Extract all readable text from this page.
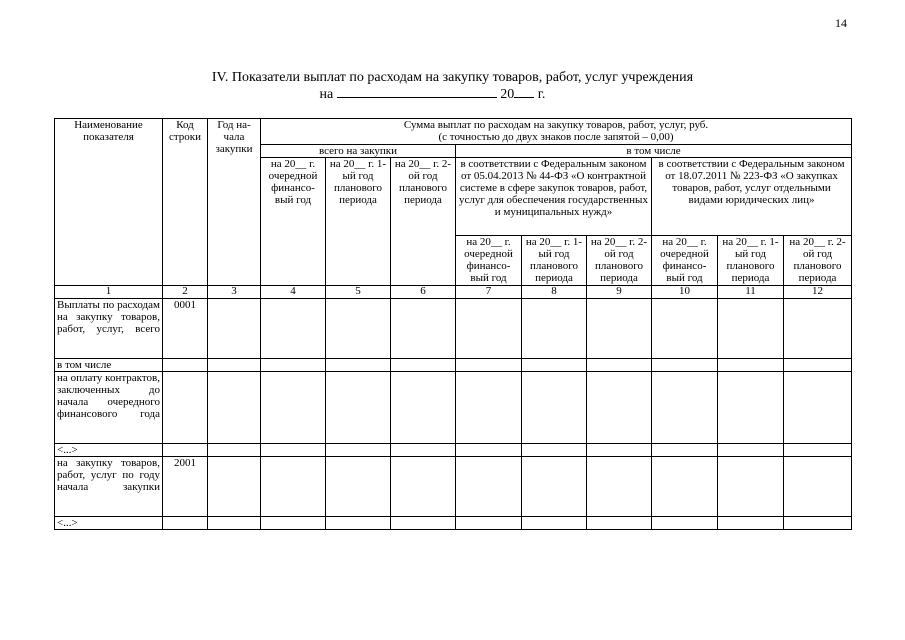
14
IV. Показатели выплат по расходам на закупку товаров, работ, услуг учреждения
на	20 г.
Наименование показателя	Код строки	Год на-чала закупки	Сумма выплат по расходам на закупку товаров, работ, услуг, руб.
(с точностью до двух знаков после запятой – 0,00)								

			всего на закупки			в том числе					
			на 20__ г. очередной финансо-вый год	на 20__ г. 1-ый год планового периода	на 20__ г. 2-ой год планового периода	в соответствии с Федеральным законом от 05.04.2013 № 44-ФЗ «О контрактной системе в сфере закупок товаров, работ, услуг для обеспечения государственных и муниципальных нужд»			в соответствии с Федеральным законом от 18.07.2011 № 223-ФЗ «О закупках товаров, работ, услуг отдельными видами юридических лиц»		
						на 20__ г. очередной финансо-вый год	на 20__ г. 1-ый год планового периода	на 20__ г. 2-ой год планового периода	на 20__ г. очередной финансо-вый год	на 20__ г. 1-ый год планового периода	на 20__ г. 2-ой год планового периода

1	2	3	4	5	6	7	8	9	10	11	12
Выплаты по расходам на закупку товаров, работ, услуг, всего	0001										
в том числе											
на оплату контрактов, заключенных до начала очередного финансового года											
<...>											
на закупку товаров, работ, услуг по году начала закупки	2001										
<...>											
